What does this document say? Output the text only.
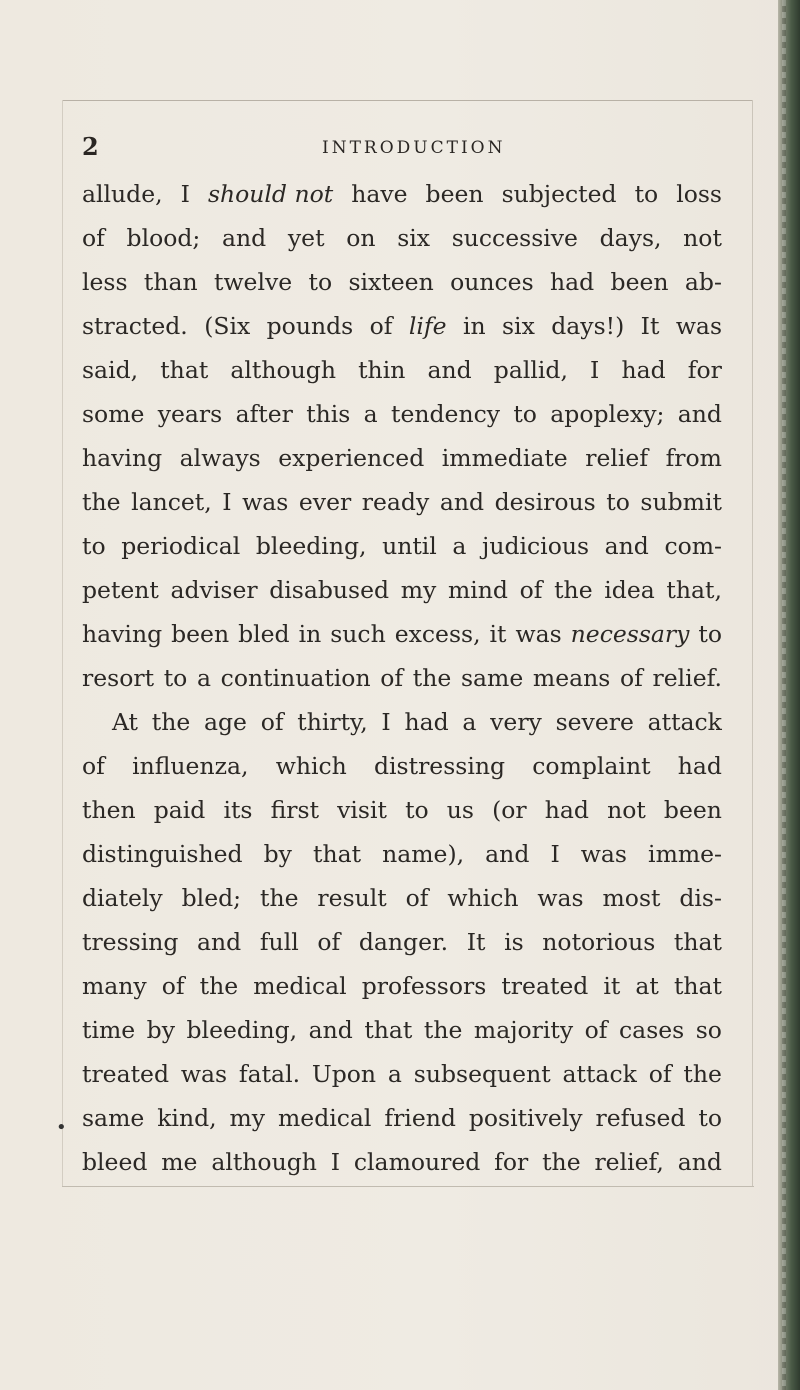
2	INTRODUCTION
allude, I should not have been subjected to loss
of blood; and yet on six successive days, not
less than twelve to sixteen ounces had been ab-
stracted. (Six pounds of life in six days!) It was
said, that although thin and pallid, I had for
some years after this a tendency to apoplexy; and
having always experienced immediate relief from
the lancet, I was ever ready and desirous to submit
to periodical bleeding, until a judicious and com-
petent adviser disabused my mind of the idea that,
having been bled in such excess, it was necessary to
resort to a continuation of the same means of relief.
At the age of thirty, I had a very severe attack
of influenza, which distressing complaint had
then paid its first visit to us (or had not been
distinguished by that name), and I was imme-
diately bled; the result of which was most dis-
tressing and full of danger. It is notorious that
many of the medical professors treated it at that
time by bleeding, and that the majority of cases so
treated was fatal. Upon a subsequent attack of the
same kind, my medical friend positively refused to
bleed me although I clamoured for the relief, and
•
